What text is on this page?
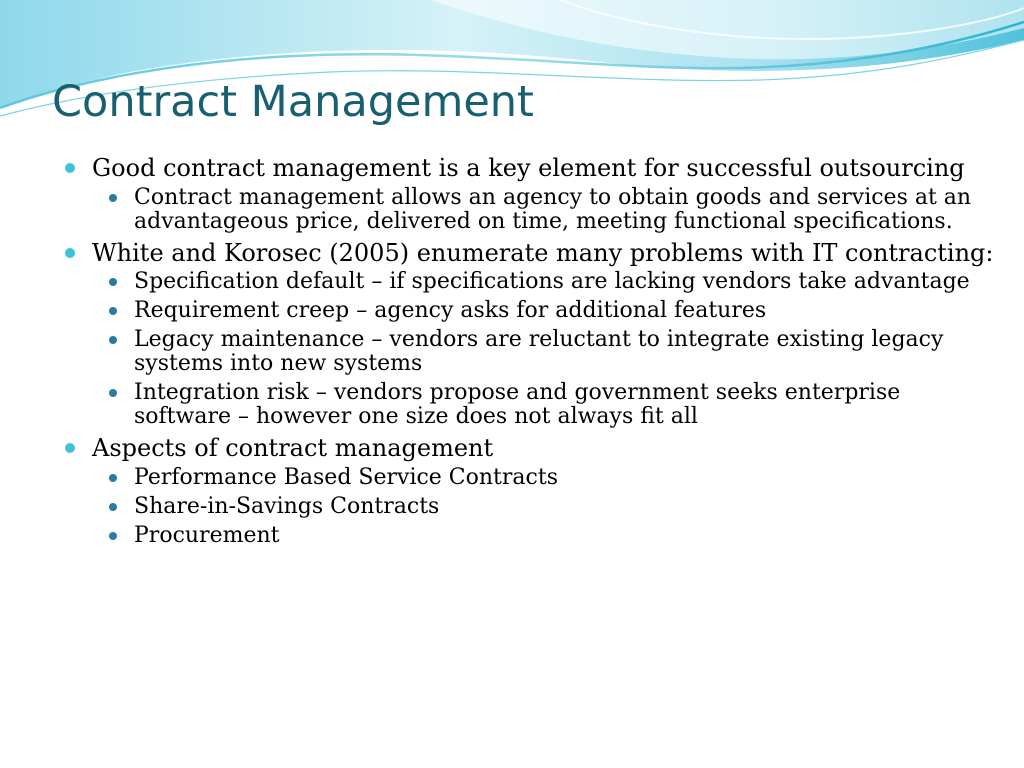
Contract Management
Good contract management is a key element for successful outsourcing
Contract management allows an agency to obtain goods and services at an advantageous price, delivered on time, meeting functional specifications.
White and Korosec (2005) enumerate many problems with IT contracting:
Specification default – if specifications are lacking vendors take advantage
Requirement creep – agency asks for additional features
Legacy maintenance – vendors are reluctant to integrate existing legacy systems into new systems
Integration risk – vendors propose and government seeks enterprise software – however one size does not always fit all
Aspects of contract management
Performance Based Service Contracts
Share-in-Savings Contracts
Procurement
